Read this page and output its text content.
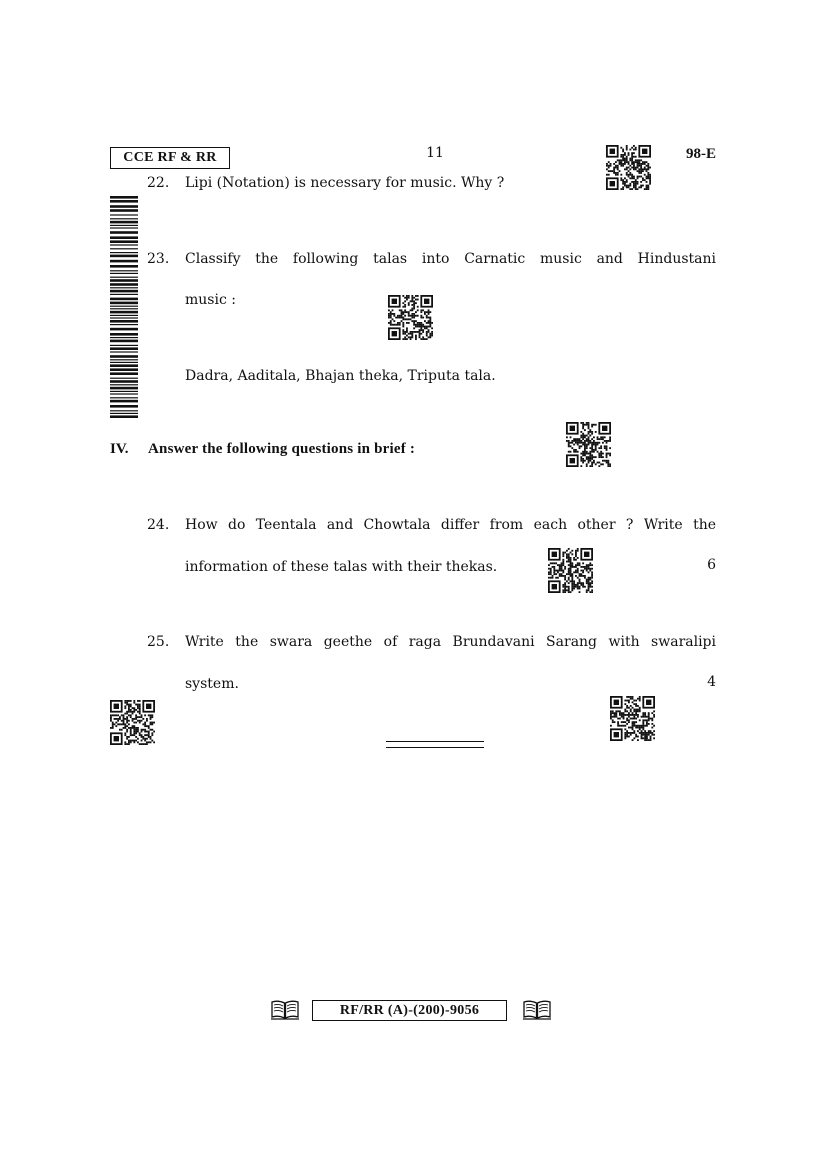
CCE RF & RR	11	98-E
22. Lipi (Notation) is necessary for music. Why ?
23. Classify the following talas into Carnatic music and Hindustani
music :
Dadra, Aaditala, Bhajan theka, Triputa tala.
IV. Answer the following questions in brief :
24. How do Teentala and Chowtala differ from each other ? Write the
information of these talas with their thekas.	6
25. Write the swara geethe of raga Brundavani Sarang with swaralipi
system.	4
RF/RR (A)-(200)-9056
